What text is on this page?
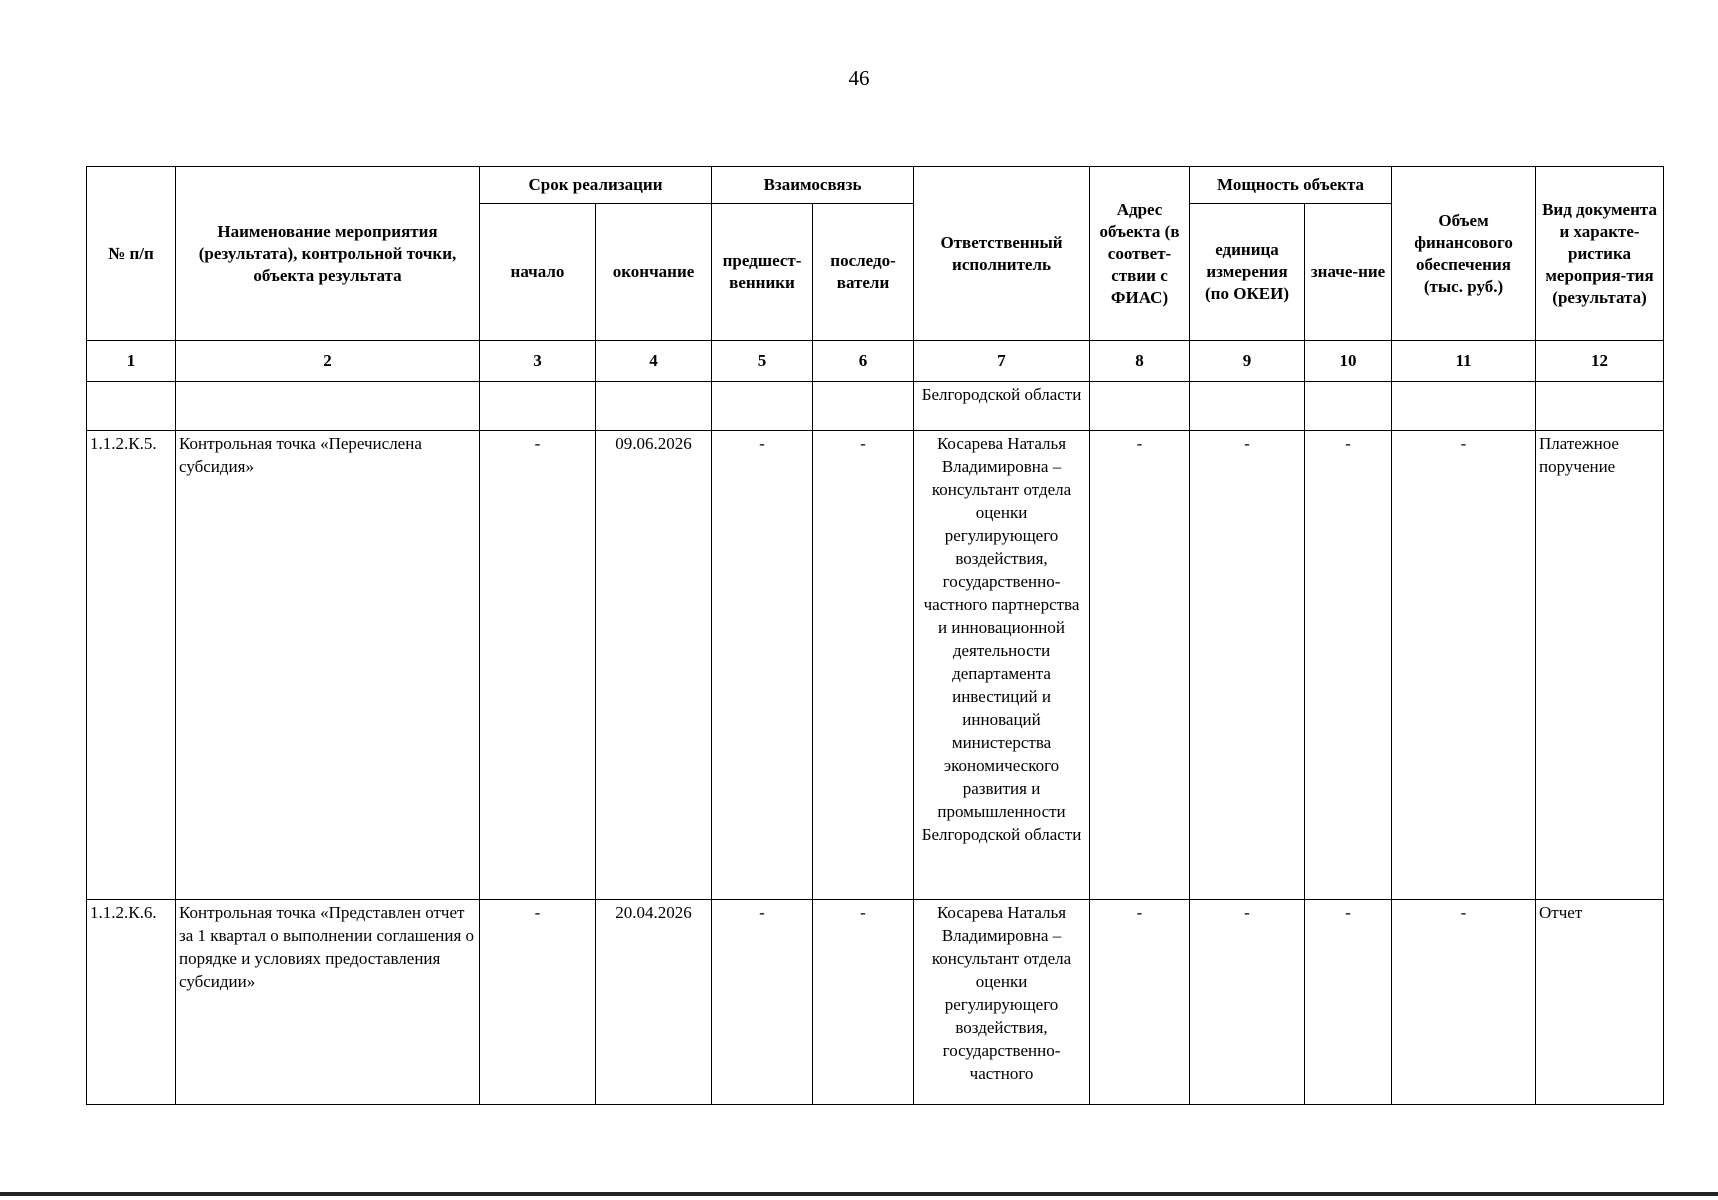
46
№ п/п	Наименование мероприятия (результата), контрольной точки, объекта результата	Срок реализации		Взаимосвязь		Ответственный исполнитель	Адрес объекта (в соответ-ствии с ФИАС)	Мощность объекта		Объем финансового обеспечения (тыс. руб.)	Вид документа и характе-ристика мероприя-тия (результата)
		начало	окончание	предшест-венники	последо-ватели			единица измерения (по ОКЕИ)	значе-ние		
1	2	3	4	5	6	7	8	9	10	11	12
						Белгородской области					
1.1.2.К.5.	Контрольная точка «Перечислена субсидия»	-	09.06.2026	-	-	Косарева Наталья Владимировна – консультант отдела оценки регулирующего воздействия, государственно-частного партнерства и инновационной деятельности департамента инвестиций и инноваций министерства экономического развития и промышленности Белгородской области	-	-	-	-	Платежное поручение
1.1.2.К.6.	Контрольная точка «Представлен отчет за 1 квартал о выполнении соглашения о порядке и условиях предоставления субсидии»	-	20.04.2026	-	-	Косарева Наталья Владимировна – консультант отдела оценки регулирующего воздействия, государственно-частного	-	-	-	-	Отчет
